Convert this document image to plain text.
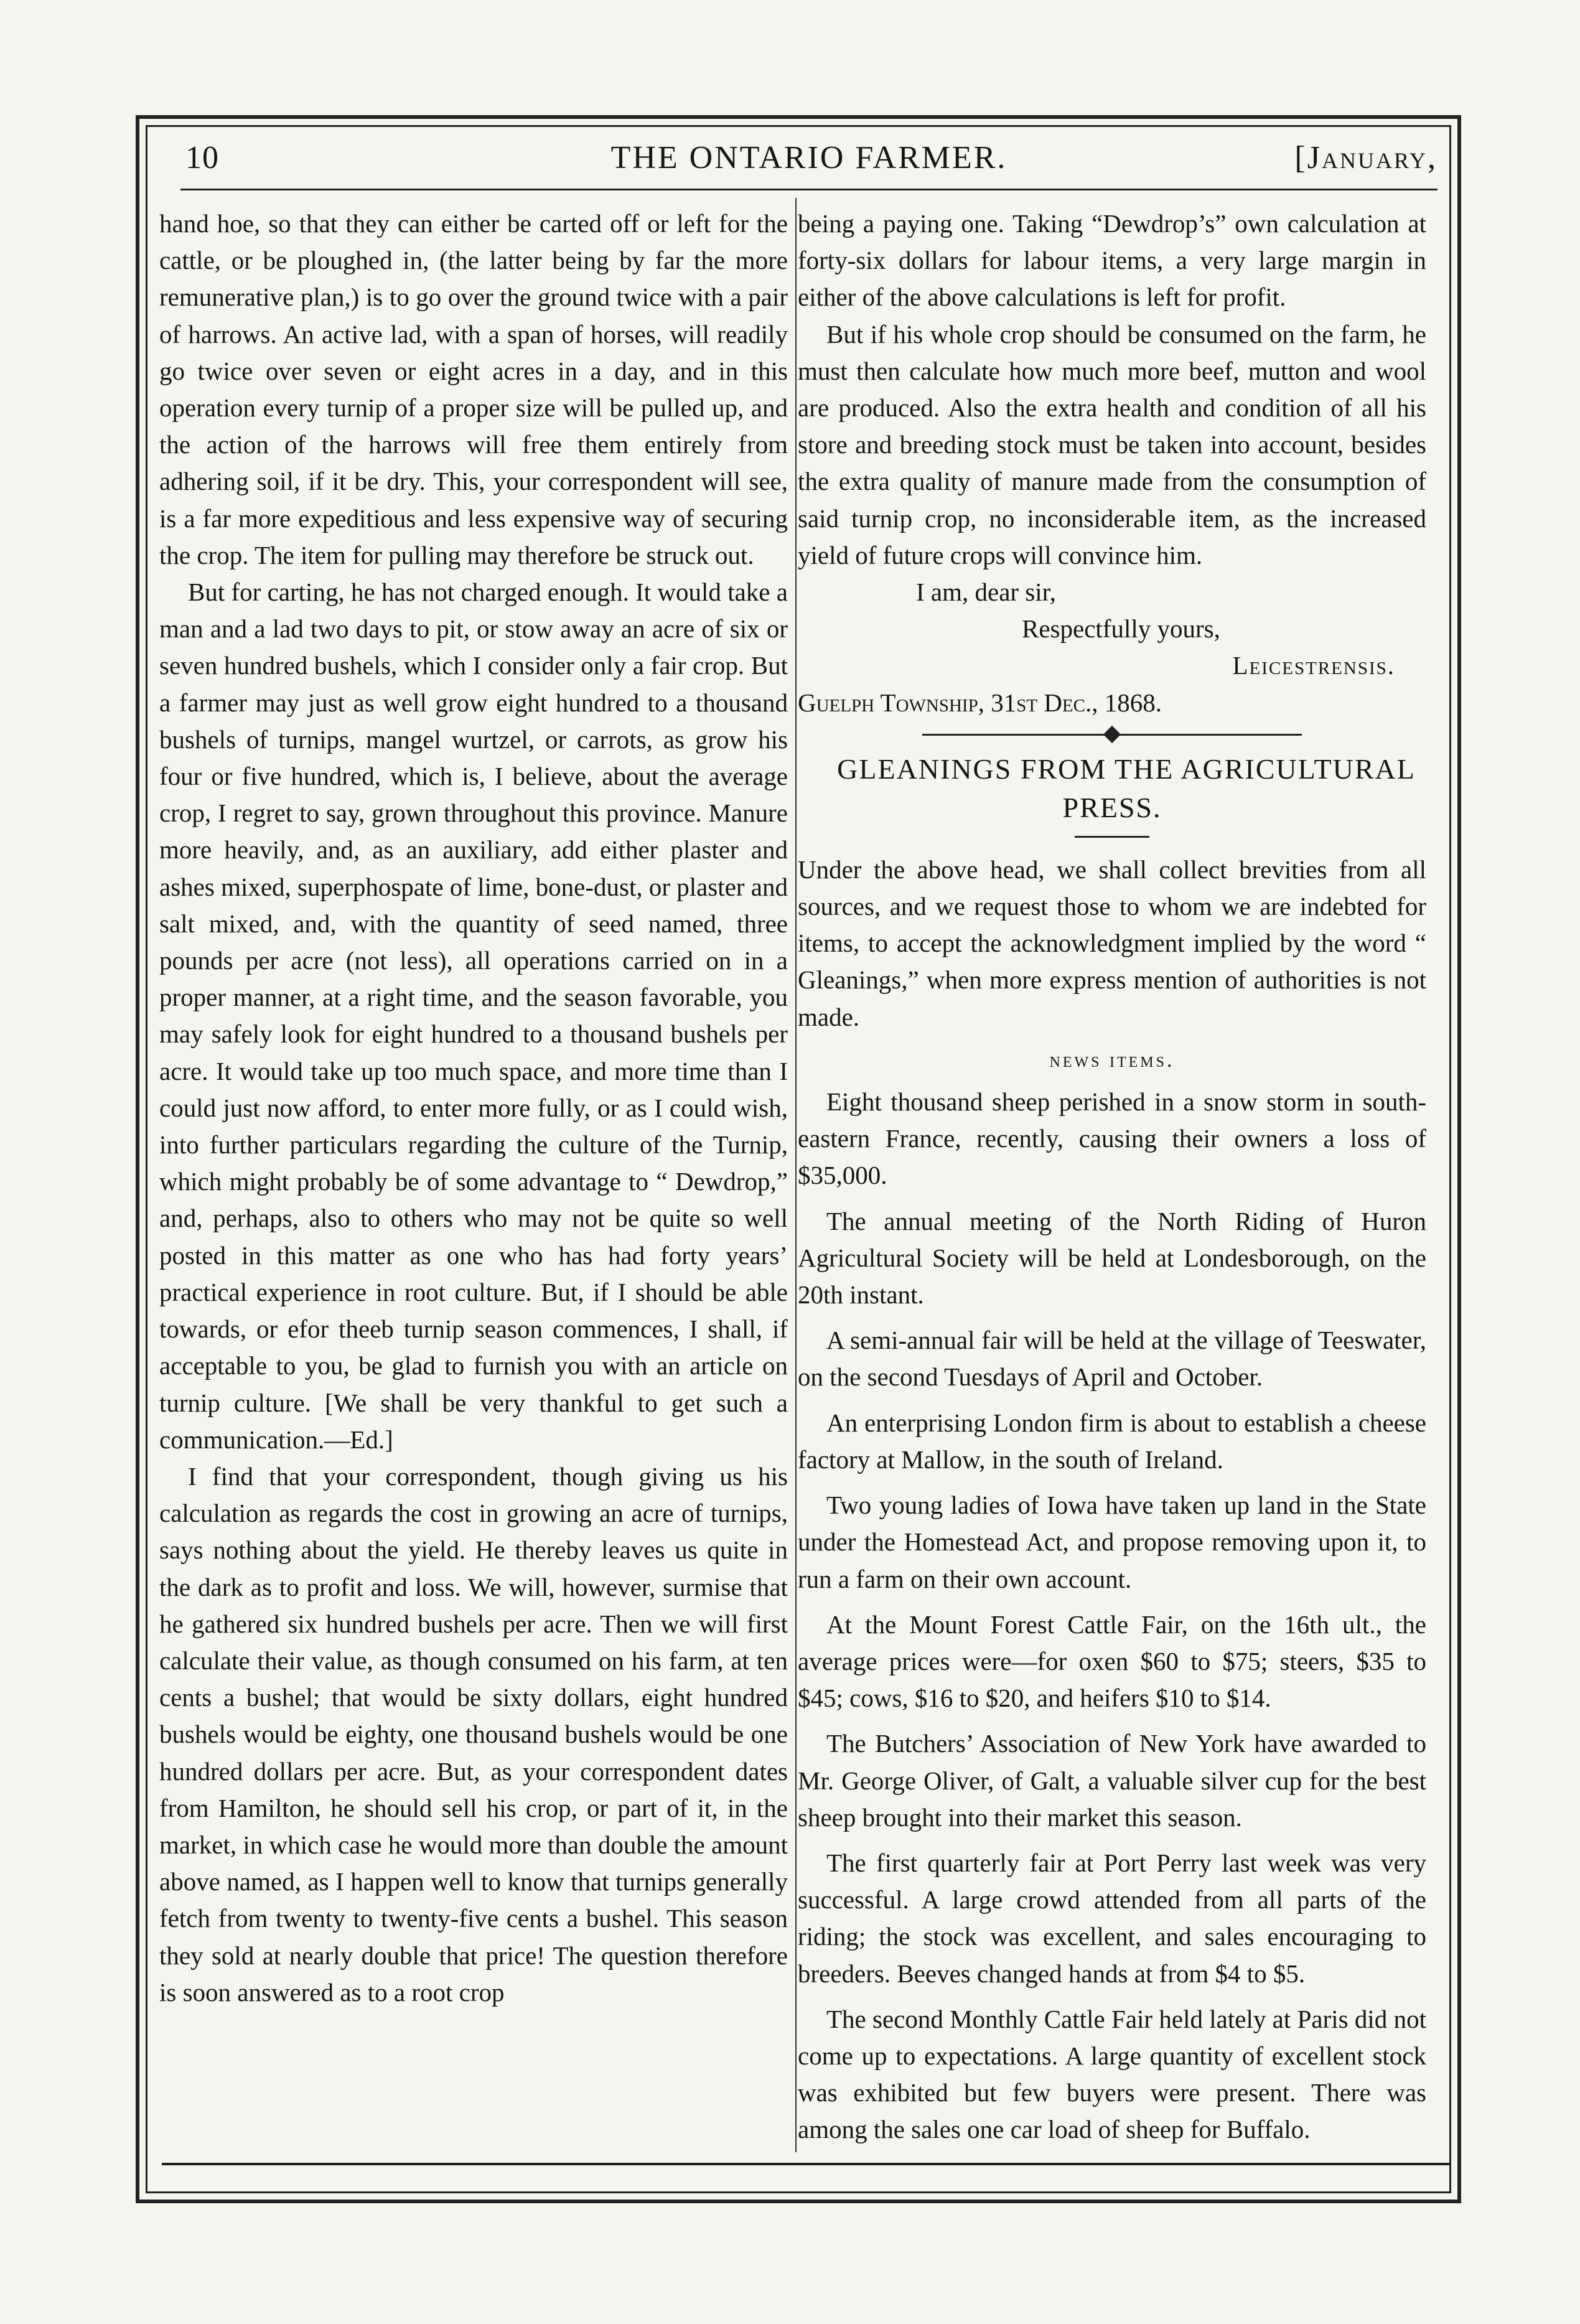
10	THE ONTARIO FARMER.	[January,

hand hoe, so that they can either be carted off or left for the cattle, or be ploughed in, (the latter being by far the more remunerative plan,) is to go over the ground twice with a pair of harrows. An active lad, with a span of horses, will readily go twice over seven or eight acres in a day, and in this operation every turnip of a proper size will be pulled up, and the action of the harrows will free them entirely from adhering soil, if it be dry. This, your correspondent will see, is a far more expeditious and less expensive way of securing the crop. The item for pulling may therefore be struck out.

But for carting, he has not charged enough. It would take a man and a lad two days to pit, or stow away an acre of six or seven hundred bushels, which I consider only a fair crop. But a farmer may just as well grow eight hundred to a thousand bushels of turnips, mangel wurtzel, or carrots, as grow his four or five hundred, which is, I believe, about the average crop, I regret to say, grown throughout this province. Manure more heavily, and, as an auxiliary, add either plaster and ashes mixed, superphospate of lime, bone-dust, or plaster and salt mixed, and, with the quantity of seed named, three pounds per acre (not less), all operations carried on in a proper manner, at a right time, and the season favorable, you may safely look for eight hundred to a thousand bushels per acre. It would take up too much space, and more time than I could just now afford, to enter more fully, or as I could wish, into further particulars regarding the culture of the Turnip, which might probably be of some advantage to “ Dewdrop,” and, perhaps, also to others who may not be quite so well posted in this matter as one who has had forty years’ practical experience in root culture. But, if I should be able towards, or efor theeb turnip season commences, I shall, if acceptable to you, be glad to furnish you with an article on turnip culture. [We shall be very thankful to get such a communication.—Ed.]

I find that your correspondent, though giving us his calculation as regards the cost in growing an acre of turnips, says nothing about the yield. He thereby leaves us quite in the dark as to profit and loss. We will, however, surmise that he gathered six hundred bushels per acre. Then we will first calculate their value, as though consumed on his farm, at ten cents a bushel; that would be sixty dollars, eight hundred bushels would be eighty, one thousand bushels would be one hundred dollars per acre. But, as your correspondent dates from Hamilton, he should sell his crop, or part of it, in the market, in which case he would more than double the amount above named, as I happen well to know that turnips generally fetch from twenty to twenty-five cents a bushel. This season they sold at nearly double that price! The question therefore is soon answered as to a root crop

being a paying one. Taking “Dewdrop’s” own calculation at forty-six dollars for labour items, a very large margin in either of the above calculations is left for profit.

But if his whole crop should be consumed on the farm, he must then calculate how much more beef, mutton and wool are produced. Also the extra health and condition of all his store and breeding stock must be taken into account, besides the extra quality of manure made from the consumption of said turnip crop, no inconsiderable item, as the increased yield of future crops will convince him.

I am, dear sir,
Respectfully yours,
Leicestrensis.
Guelph Township, 31st Dec., 1868.

GLEANINGS FROM THE AGRICULTURAL
PRESS.

Under the above head, we shall collect brevities from all sources, and we request those to whom we are indebted for items, to accept the acknowledgment implied by the word “ Gleanings,” when more express mention of authorities is not made.

news items.

Eight thousand sheep perished in a snow storm in south-eastern France, recently, causing their owners a loss of $35,000.

The annual meeting of the North Riding of Huron Agricultural Society will be held at Londesborough, on the 20th instant.

A semi-annual fair will be held at the village of Teeswater, on the second Tuesdays of April and October.

An enterprising London firm is about to establish a cheese factory at Mallow, in the south of Ireland.

Two young ladies of Iowa have taken up land in the State under the Homestead Act, and propose removing upon it, to run a farm on their own account.

At the Mount Forest Cattle Fair, on the 16th ult., the average prices were—for oxen $60 to $75; steers, $35 to $45; cows, $16 to $20, and heifers $10 to $14.

The Butchers’ Association of New York have awarded to Mr. George Oliver, of Galt, a valuable silver cup for the best sheep brought into their market this season.

The first quarterly fair at Port Perry last week was very successful. A large crowd attended from all parts of the riding; the stock was excellent, and sales encouraging to breeders. Beeves changed hands at from $4 to $5.

The second Monthly Cattle Fair held lately at Paris did not come up to expectations. A large quantity of excellent stock was exhibited but few buyers were present. There was among the sales one car load of sheep for Buffalo.
